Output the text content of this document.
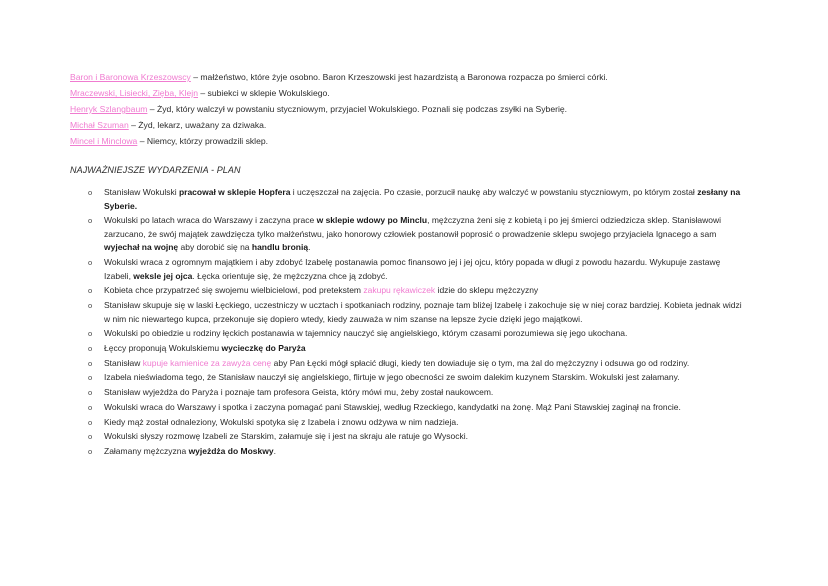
Baron i Baronowa Krzeszowscy – małżeństwo, które żyje osobno. Baron Krzeszowski jest hazardzistą a Baronowa rozpacza po śmierci córki.

Mraczewski, Lisiecki, Zięba, Klejn – subiekci w sklepie Wokulskiego.

Henryk Szlangbaum – Żyd, który walczył w powstaniu styczniowym, przyjaciel Wokulskiego. Poznali się podczas zsyłki na Syberię.

Michał Szuman – Żyd, lekarz, uważany za dziwaka.

Mincel i Minclowa – Niemcy, którzy prowadzili sklep.

NAJWAŻNIEJSZE WYDARZENIA - PLAN
o Stanisław Wokulski pracował w sklepie Hopfera i uczęszczał na zajęcia. Po czasie, porzucił naukę aby walczyć w powstaniu styczniowym, po którym został zesłany na Syberie.
o Wokulski po latach wraca do Warszawy i zaczyna prace w sklepie wdowy po Minclu, mężczyzna żeni się z kobietą i po jej śmierci odziedzicza sklep. Stanisławowi zarzucano, że swój majątek zawdzięcza tylko małżeństwu, jako honorowy człowiek postanowił poprosić o prowadzenie sklepu swojego przyjaciela Ignacego a sam wyjechał na wojnę aby dorobić się na handlu bronią.
o Wokulski wraca z ogromnym majątkiem i aby zdobyć Izabelę postanawia pomoc finansowo jej i jej ojcu, który popada w długi z powodu hazardu. Wykupuje zastawę Izabeli, weksle jej ojca. Łęcka orientuje się, że mężczyzna chce ją zdobyć.
o Kobieta chce przypatrzeć się swojemu wielbicielowi, pod pretekstem zakupu rękawiczek idzie do sklepu mężczyzny
o Stanisław skupuje się w laski Łęckiego, uczestniczy w ucztach i spotkaniach rodziny, poznaje tam bliżej Izabelę i zakochuje się w niej coraz bardziej. Kobieta jednak widzi w nim nic niewartego kupca, przekonuje się dopiero wtedy, kiedy zauważa w nim szanse na lepsze życie dzięki jego majątkowi.
o Wokulski po obiedzie u rodziny łęckich postanawia w tajemnicy nauczyć się angielskiego, którym czasami porozumiewa się jego ukochana.
o Łęccy proponują Wokulskiemu wycieczkę do Paryża
o Stanisław kupuje kamienice za zawyża cenę aby Pan Łęcki mógł spłacić długi, kiedy ten dowiaduje się o tym, ma żal do mężczyzny i odsuwa go od rodziny.
o Izabela nieświadoma tego, że Stanisław nauczył się angielskiego, flirtuje w jego obecności ze swoim dalekim kuzynem Starskim. Wokulski jest załamany.
o Stanisław wyjeżdża do Paryża i poznaje tam profesora Geista, który mówi mu, żeby został naukowcem.
o Wokulski wraca do Warszawy i spotka i zaczyna pomagać pani Stawskiej, według Rzeckiego, kandydatki na żonę. Mąż Pani Stawskiej zaginął na froncie.
o Kiedy mąż został odnaleziony, Wokulski spotyka się z Izabela i znowu odżywa w nim nadzieja.
o Wokulski słyszy rozmowę Izabeli ze Starskim, załamuje się i jest na skraju ale ratuje go Wysocki.
o Załamany mężczyzna wyjeżdża do Moskwy.
